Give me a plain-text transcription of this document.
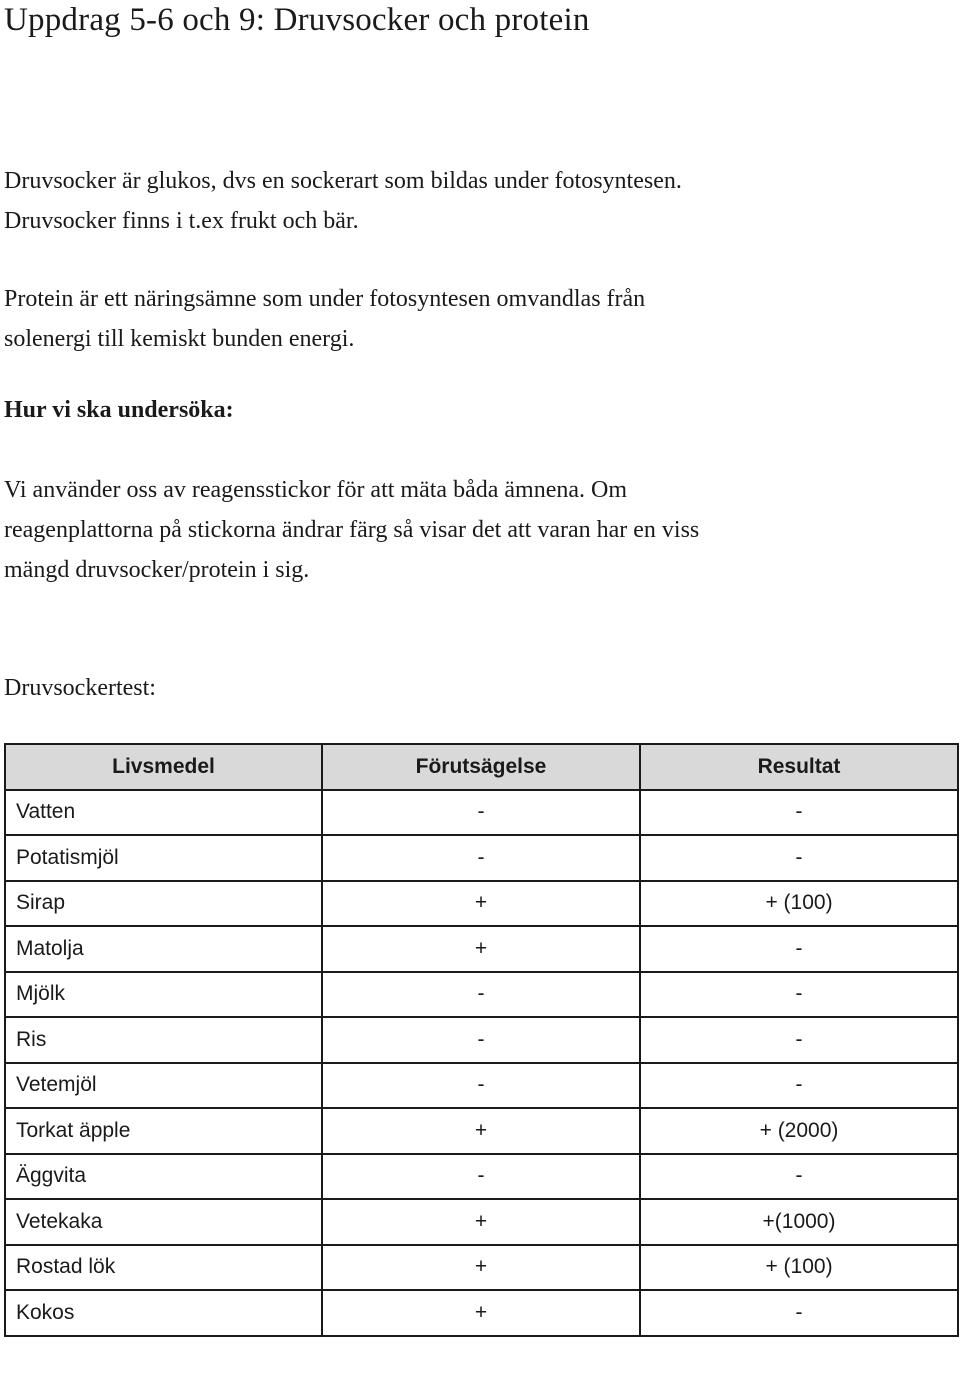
Uppdrag 5-6 och 9: Druvsocker och protein
Druvsocker är glukos, dvs en sockerart som bildas under fotosyntesen.
Druvsocker finns i t.ex frukt och bär.
Protein är ett näringsämne som under fotosyntesen omvandlas från
solenergi till kemiskt bunden energi.
Hur vi ska undersöka:
Vi använder oss av reagensstickor för att mäta båda ämnena. Om
reagenplattorna på stickorna ändrar färg så visar det att varan har en viss
mängd druvsocker/protein i sig.
Druvsockertest:
Livsmedel	Förutsägelse	Resultat
Vatten	-	-
Potatismjöl	-	-
Sirap	+	+ (100)
Matolja	+	-
Mjölk	-	-
Ris	-	-
Vetemjöl	-	-
Torkat äpple	+	+ (2000)
Äggvita	-	-
Vetekaka	+	+(1000)
Rostad lök	+	+ (100)
Kokos	+	-
